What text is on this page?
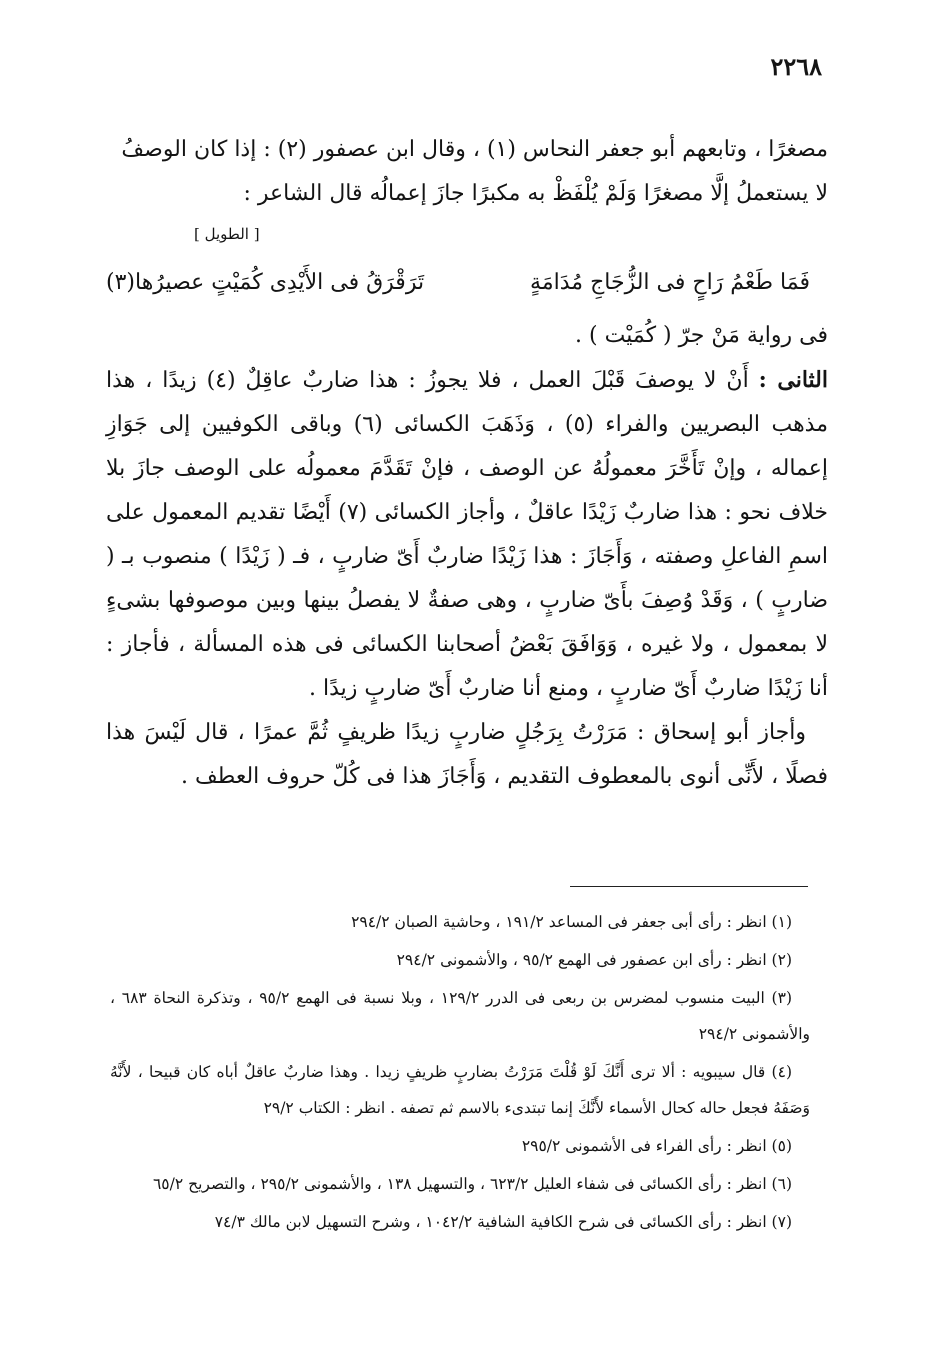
٢٢٦٨

مصغرًا ، وتابعهم أبو جعفر النحاس (١) ، وقال ابن عصفور (٢) : إذا كان الوصفُ

لا يستعملُ إلَّا مصغرًا وَلَمْ يُلْفَظْ به مكبرًا جازَ إعمالُه قال الشاعر :

[ الطويل ]

فَمَا طَعْمُ رَاحٍ فى الزُّجَاجِ مُدَامَةٍ
تَرَقْرَقُ فى الأَيْدِى كُمَيْتٍ عصيرُها(٣)

فى رواية مَنْ جرّ ( كُمَيْت ) .

الثانى : أَنْ لا يوصفَ قَبْلَ العمل ، فلا يجوزُ : هذا ضاربٌ عاقِلٌ (٤) زيدًا ، هذا مذهب البصريين والفراء (٥) ، وَذَهَبَ الكسائى (٦) وباقى الكوفيين إلى جَوَازِ إعماله ، وإنْ تَأَخَّرَ معمولُهُ عن الوصف ، فإنْ تَقَدَّمَ معمولُه على الوصف جازَ بلا خلاف نحو : هذا ضاربٌ زَيْدًا عاقلٌ ، وأجاز الكسائى (٧) أَيْضًا تقديم المعمول على اسمِ الفاعلِ وصفته ، وَأَجَازَ : هذا زَيْدًا ضاربٌ أَىّ ضاربٍ ، فـ ( زَيْدًا ) منصوب بـ ( ضاربٍ ) ، وَقَدْ وُصِفَ بأَىّ ضاربٍ ، وهى صفةٌ لا يفصلُ بينها وبين موصوفها بشىءٍ لا بمعمول ، ولا غيره ، وَوَافَقَ بَعْضُ أصحابنا الكسائى فى هذه المسألة ، فأجاز : أنا زَيْدًا ضاربٌ أَىّ ضاربٍ ، ومنع أنا ضاربٌ أَىّ ضاربٍ زيدًا .

وأجاز أبو إسحاق : مَرَرْتُ بِرَجُلٍ ضاربٍ زيدًا ظريفٍ ثُمَّ عمرًا ، قال لَيْسَ هذا فصلًا ، لأَنِّى أنوى بالمعطوف التقديم ، وَأَجَازَ هذا فى كُلّ حروف العطف .

(١) انظر : رأى أبى جعفر فى المساعد ١٩١/٢ ، وحاشية الصبان ٢٩٤/٢

(٢) انظر : رأى ابن عصفور فى الهمع ٩٥/٢ ، والأشمونى ٢٩٤/٢

(٣) البيت منسوب لمضرس بن ربعى فى الدرر ١٢٩/٢ ، وبلا نسبة فى الهمع ٩٥/٢ ، وتذكرة النحاة ٦٨٣ ، والأشمونى ٢٩٤/٢

(٤) قال سيبويه : ألا ترى أَنَّكَ لَوْ قُلْتَ مَرَرْتُ بضاربٍ ظريفٍ زيدا . وهذا ضاربٌ عاقلٌ أباه كان قبيحا ، لأَنَّهُ وَصَفَهُ فجعل حاله كحال الأسماء لأَنَّكَ إنما تبتدىء بالاسم ثم تصفه . انظر : الكتاب ٢٩/٢

(٥) انظر : رأى الفراء فى الأشمونى ٢٩٥/٢

(٦) انظر : رأى الكسائى فى شفاء العليل ٦٢٣/٢ ، والتسهيل ١٣٨ ، والأشمونى ٢٩٥/٢ ، والتصريح ٦٥/٢

(٧) انظر : رأى الكسائى فى شرح الكافية الشافية ١٠٤٢/٢ ، وشرح التسهيل لابن مالك ٧٤/٣
